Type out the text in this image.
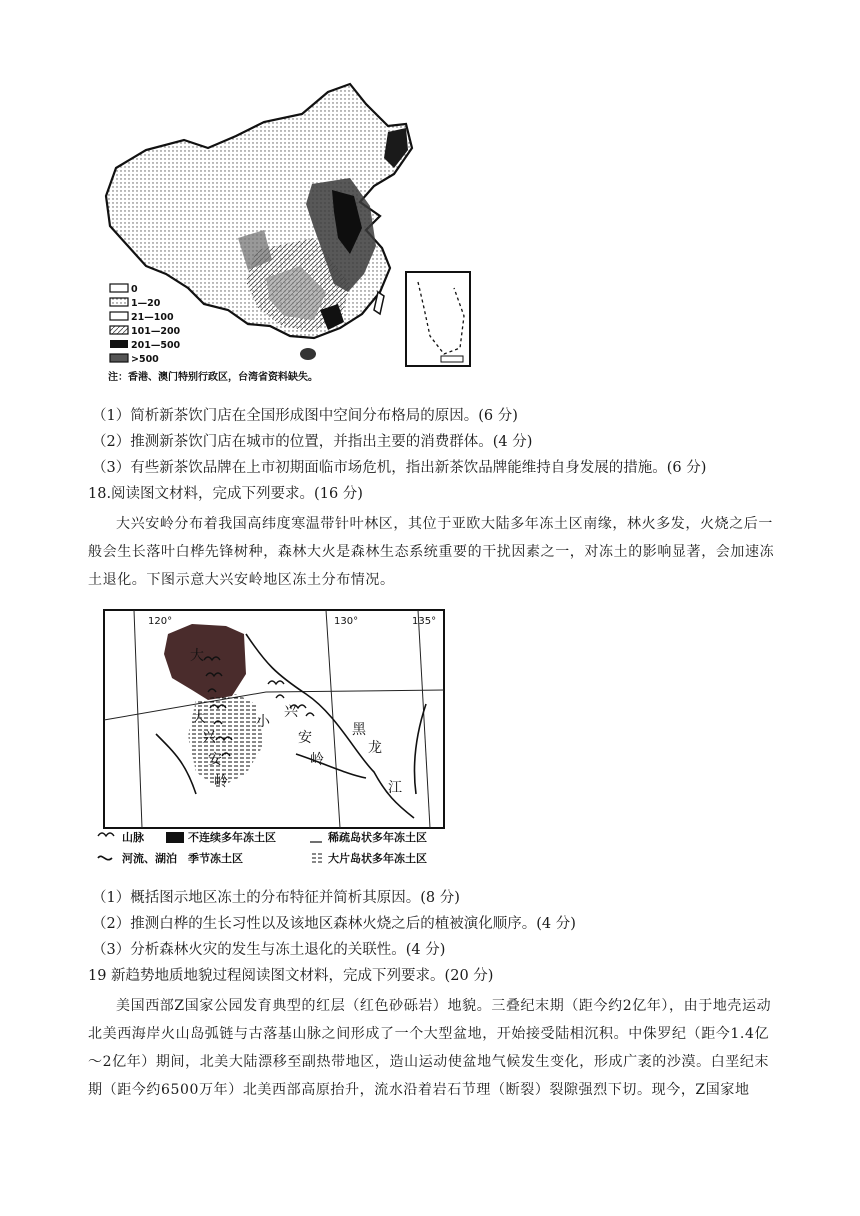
0
1—20
21—100
101—200
201—500
>500
注：香港、澳门特别行政区，台湾省资料缺失。
（1）简析新茶饮门店在全国形成图中空间分布格局的原因。(6 分)
（2）推测新茶饮门店在城市的位置，并指出主要的消费群体。(4 分)
（3）有些新茶饮品牌在上市初期面临市场危机，指出新茶饮品牌能维持自身发展的措施。(6 分)
18.阅读图文材料，完成下列要求。(16 分)
大兴安岭分布着我国高纬度寒温带针叶林区，其位于亚欧大陆多年冻土区南缘，林火多发，火烧之后一般会生长落叶白桦先锋树种，森林大火是森林生态系统重要的干扰因素之一，对冻土的影响显著，会加速冻土退化。下图示意大兴安岭地区冻土分布情况。
大
大
兴
安
岭
小
兴
安
岭
黑
龙
江
120°	130°	135°
山脉	不连续多年冻土区	稀疏岛状多年冻土区
河流、湖泊 季节冻土区	大片岛状多年冻土区
（1）概括图示地区冻土的分布特征并简析其原因。(8 分)
（2）推测白桦的生长习性以及该地区森林火烧之后的植被演化顺序。(4 分)
（3）分析森林火灾的发生与冻土退化的关联性。(4 分)
19 新趋势地质地貌过程阅读图文材料，完成下列要求。(20 分)
美国西部Z国家公园发育典型的红层（红色砂砾岩）地貌。三叠纪末期（距今约2亿年），由于地壳运动北美西海岸火山岛弧链与古落基山脉之间形成了一个大型盆地，开始接受陆相沉积。中侏罗纪（距今1.4亿～2亿年）期间，北美大陆漂移至副热带地区，造山运动使盆地气候发生变化，形成广袤的沙漠。白垩纪末期（距今约6500万年）北美西部高原抬升，流水沿着岩石节理（断裂）裂隙强烈下切。现今，Z国家地
